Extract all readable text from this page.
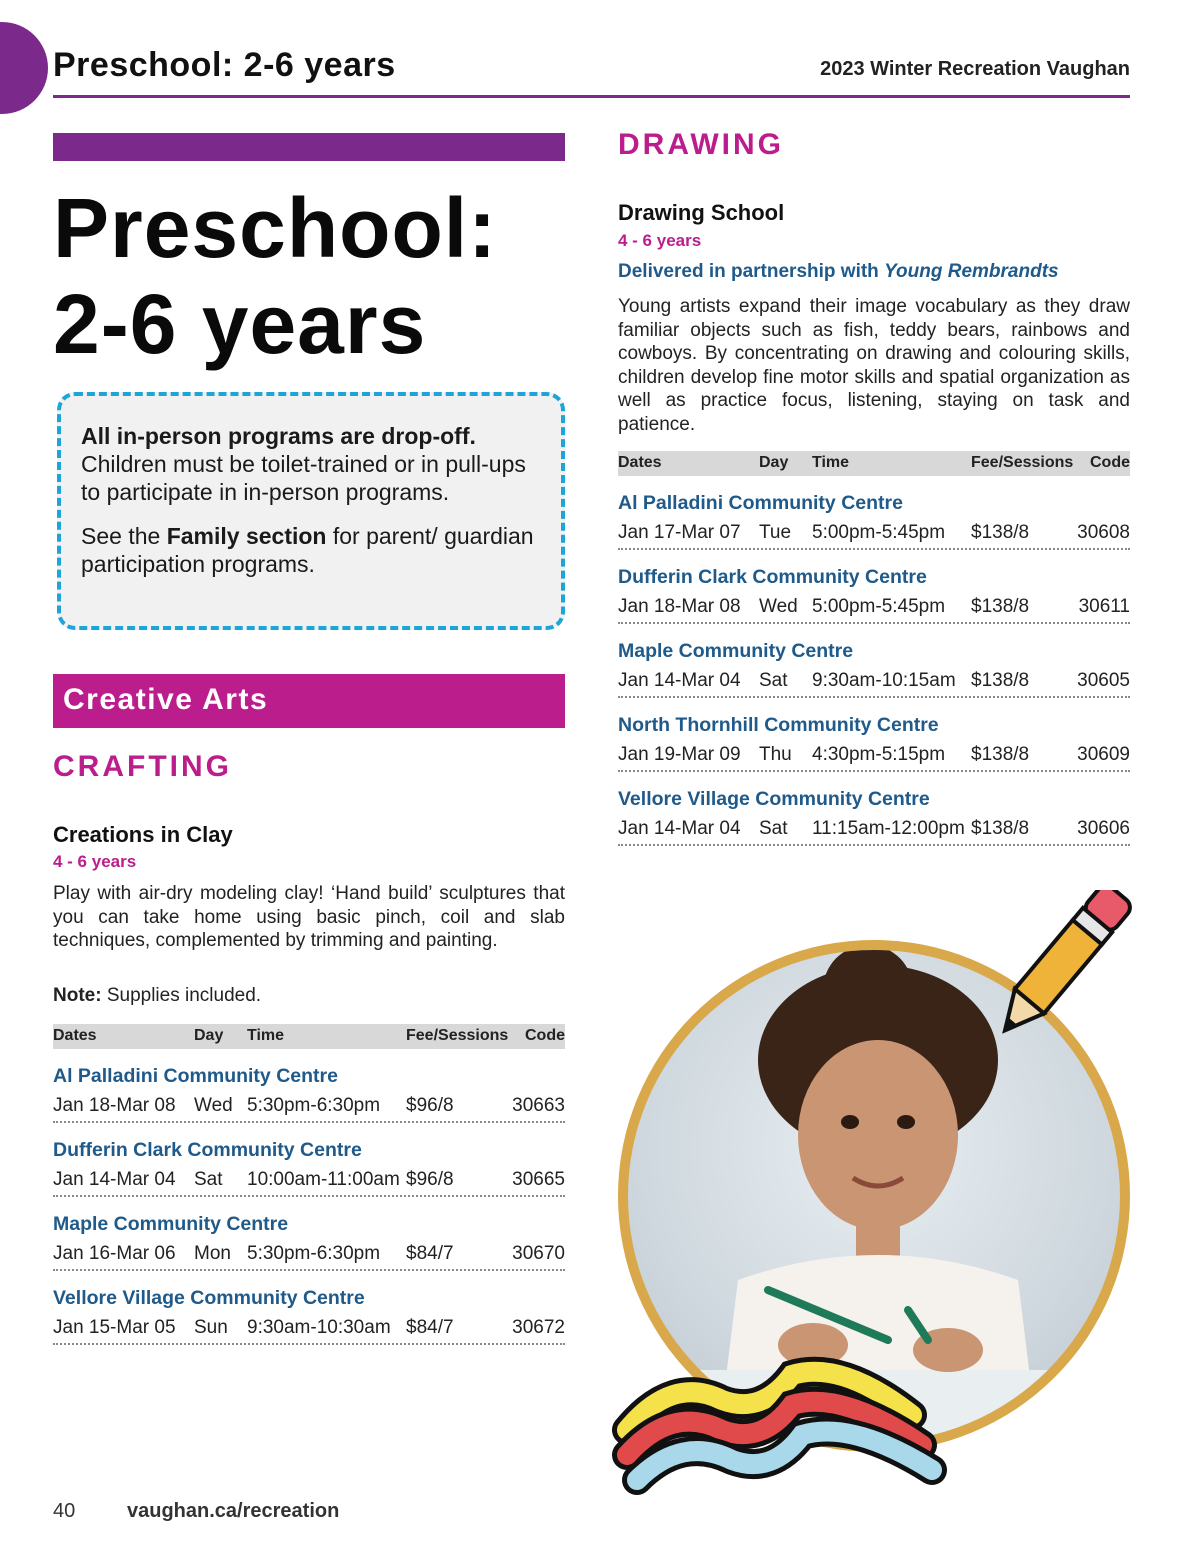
Preschool: 2-6 years	2023 Winter Recreation Vaughan
Preschool:
2-6 years

All in-person programs are drop-off. Children must be toilet-trained or in pull-ups to participate in in-person programs.

See the Family section for parent/ guardian participation programs.

Creative Arts
CRAFTING
Creations in Clay
4 - 6 years
Play with air-dry modeling clay! ‘Hand build’ sculptures that you can take home using basic pinch, coil and slab techniques, complemented by trimming and painting.
Note: Supplies included.
Dates	Day Time	Fee/Sessions Code
Al Palladini Community Centre
Jan 18-Mar 08 Wed 5:30pm-6:30pm $96/8	30663
Dufferin Clark Community Centre
Jan 14-Mar 04 Sat 10:00am-11:00am $96/8	30665
Maple Community Centre
Jan 16-Mar 06 Mon 5:30pm-6:30pm $84/7	30670
Vellore Village Community Centre
Jan 15-Mar 05 Sun 9:30am-10:30am $84/7	30672
DRAWING
Drawing School
4 - 6 years
Delivered in partnership with Young Rembrandts
Young artists expand their image vocabulary as they draw familiar objects such as fish, teddy bears, rainbows and cowboys. By concentrating on drawing and colouring skills, children develop fine motor skills and spatial organization as well as practice focus, listening, staying on task and patience.
Dates	Day Time	Fee/Sessions Code
Al Palladini Community Centre
Jan 17-Mar 07 Tue 5:00pm-5:45pm $138/8	30608
Dufferin Clark Community Centre
Jan 18-Mar 08 Wed 5:00pm-5:45pm $138/8	30611
Maple Community Centre
Jan 14-Mar 04 Sat 9:30am-10:15am $138/8	30605
North Thornhill Community Centre
Jan 19-Mar 09 Thu 4:30pm-5:15pm $138/8	30609
Vellore Village Community Centre
Jan 14-Mar 04 Sat 11:15am-12:00pm $138/8	30606
40	vaughan.ca/recreation
